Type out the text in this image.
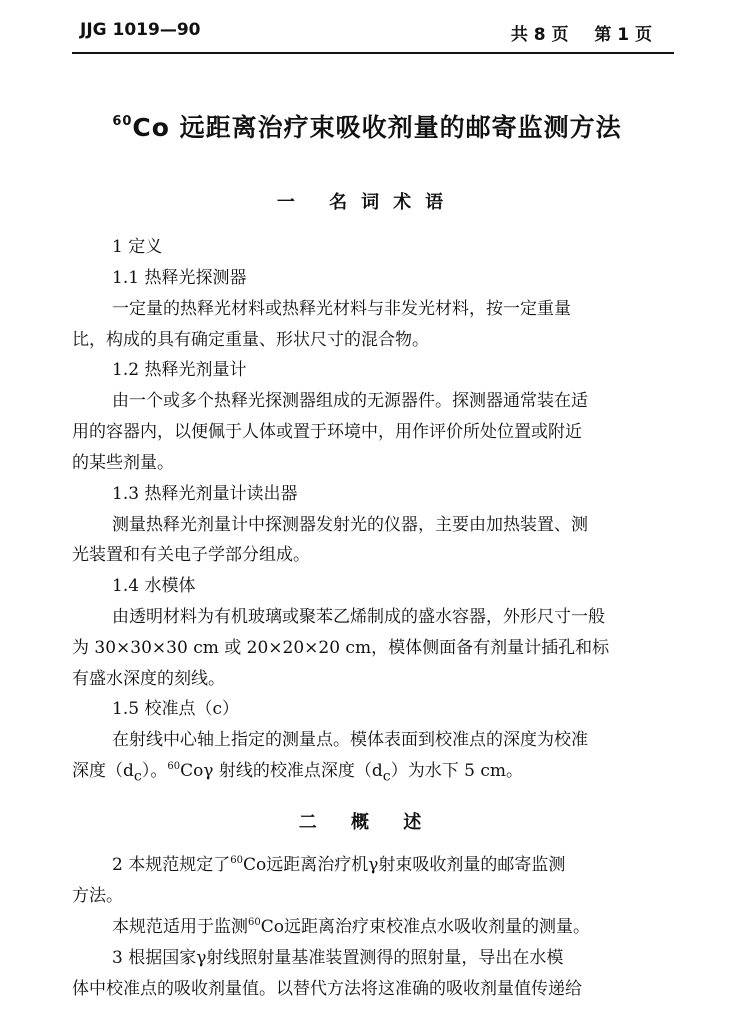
JJG 1019—90	共 8 页 第 1 页
$^{60}$Co 远距离治疗束吸收剂量的邮寄监测方法
一 名词术语
1 定义
1.1 热释光探测器
一定量的热释光材料或热释光材料与非发光材料，按一定重量
比，构成的具有确定重量、形状尺寸的混合物。
1.2 热释光剂量计
由一个或多个热释光探测器组成的无源器件。探测器通常装在适
用的容器内，以便佩于人体或置于环境中，用作评价所处位置或附近
的某些剂量。
1.3 热释光剂量计读出器
测量热释光剂量计中探测器发射光的仪器，主要由加热装置、测
光装置和有关电子学部分组成。
1.4 水模体
由透明材料为有机玻璃或聚苯乙烯制成的盛水容器，外形尺寸一般
为 30×30×30 cm 或 20×20×20 cm，模体侧面备有剂量计插孔和标
有盛水深度的刻线。
1.5 校准点（c）
在射线中心轴上指定的测量点。模体表面到校准点的深度为校准
深度$(d_c)$。$^{60}$Coγ 射线的校准点深度$(d_c)$为水下 5 cm。
二 概 述
2 本规范规定了$^{60}$Co远距离治疗机γ射束吸收剂量的邮寄监测
方法。
本规范适用于监测$^{60}$Co远距离治疗束校准点水吸收剂量的测量。
3 根据国家γ射线照射量基准装置测得的照射量，导出在水模
体中校准点的吸收剂量值。以替代方法将这准确的吸收剂量值传递给
